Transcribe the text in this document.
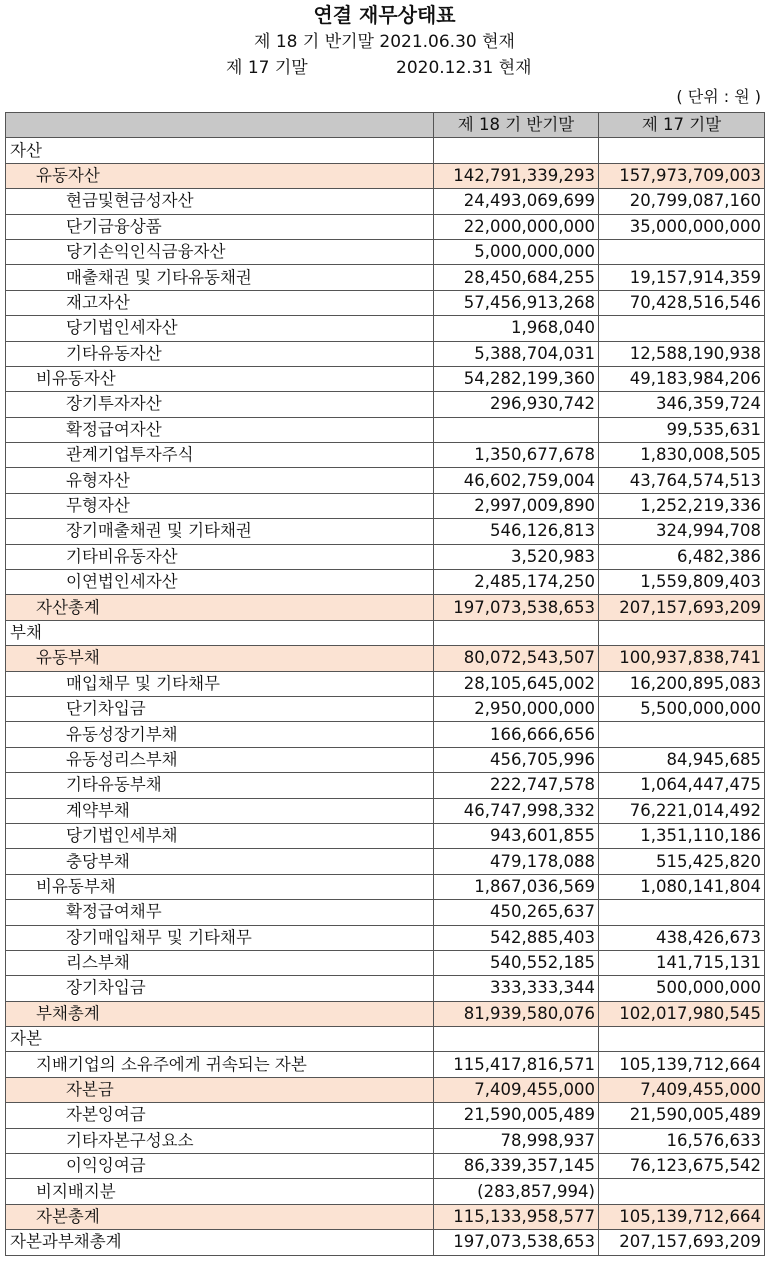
연결 재무상태표
제 18 기 반기말 2021.06.30 현재
제 17 기말	2020.12.31 현재
( 단위 : 원 )
	제 18 기 반기말	제 17 기말
자산		
유동자산	142,791,339,293	157,973,709,003
현금및현금성자산	24,493,069,699	20,799,087,160
단기금융상품	22,000,000,000	35,000,000,000
당기손익인식금융자산	5,000,000,000	
매출채권 및 기타유동채권	28,450,684,255	19,157,914,359
재고자산	57,456,913,268	70,428,516,546
당기법인세자산	1,968,040	
기타유동자산	5,388,704,031	12,588,190,938
비유동자산	54,282,199,360	49,183,984,206
장기투자자산	296,930,742	346,359,724
확정급여자산		99,535,631
관계기업투자주식	1,350,677,678	1,830,008,505
유형자산	46,602,759,004	43,764,574,513
무형자산	2,997,009,890	1,252,219,336
장기매출채권 및 기타채권	546,126,813	324,994,708
기타비유동자산	3,520,983	6,482,386
이연법인세자산	2,485,174,250	1,559,809,403
자산총계	197,073,538,653	207,157,693,209
부채		
유동부채	80,072,543,507	100,937,838,741
매입채무 및 기타채무	28,105,645,002	16,200,895,083
단기차입금	2,950,000,000	5,500,000,000
유동성장기부채	166,666,656	
유동성리스부채	456,705,996	84,945,685
기타유동부채	222,747,578	1,064,447,475
계약부채	46,747,998,332	76,221,014,492
당기법인세부채	943,601,855	1,351,110,186
충당부채	479,178,088	515,425,820
비유동부채	1,867,036,569	1,080,141,804
확정급여채무	450,265,637	
장기매입채무 및 기타채무	542,885,403	438,426,673
리스부채	540,552,185	141,715,131
장기차입금	333,333,344	500,000,000
부채총계	81,939,580,076	102,017,980,545
자본		
지배기업의 소유주에게 귀속되는 자본	115,417,816,571	105,139,712,664
자본금	7,409,455,000	7,409,455,000
자본잉여금	21,590,005,489	21,590,005,489
기타자본구성요소	78,998,937	16,576,633
이익잉여금	86,339,357,145	76,123,675,542
비지배지분	(283,857,994)	
자본총계	115,133,958,577	105,139,712,664
자본과부채총계	197,073,538,653	207,157,693,209
